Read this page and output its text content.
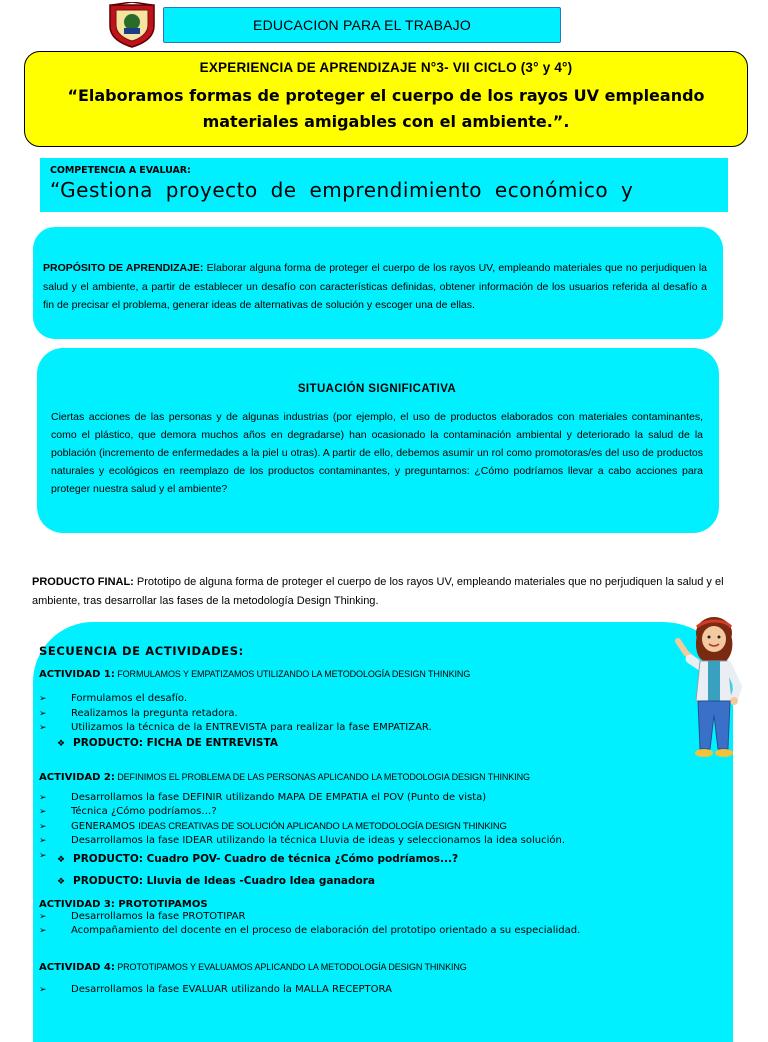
EDUCACION PARA EL TRABAJO
EXPERIENCIA DE APRENDIZAJE N°3- VII CICLO (3° y 4°)
“Elaboramos formas de proteger el cuerpo de los rayos UV empleando materiales amigables con el ambiente.”.
COMPETENCIA A EVALUAR:
“Gestiona proyecto de emprendimiento económico y
PROPÓSITO DE APRENDIZAJE: Elaborar alguna forma de proteger el cuerpo de los rayos UV, empleando materiales que no perjudiquen la salud y el ambiente, a partir de establecer un desafío con características definidas, obtener información de los usuarios referida al desafío a fin de precisar el problema, generar ideas de alternativas de solución y escoger una de ellas.
SITUACIÓN SIGNIFICATIVA
Ciertas acciones de las personas y de algunas industrias (por ejemplo, el uso de productos elaborados con materiales contaminantes, como el plástico, que demora muchos años en degradarse) han ocasionado la contaminación ambiental y deteriorado la salud de la población (incremento de enfermedades a la piel u otras). A partir de ello, debemos asumir un rol como promotoras/es del uso de productos naturales y ecológicos en reemplazo de los productos contaminantes, y preguntarnos: ¿Cómo podríamos llevar a cabo acciones para proteger nuestra salud y el ambiente?
PRODUCTO FINAL: Prototipo de alguna forma de proteger el cuerpo de los rayos UV, empleando materiales que no perjudiquen la salud y el ambiente, tras desarrollar las fases de la metodología Design Thinking.
SECUENCIA DE ACTIVIDADES:
ACTIVIDAD 1: FORMULAMOS Y EMPATIZAMOS UTILIZANDO LA METODOLOGÍA DESIGN THINKING
➢ Formulamos el desafío.
➢ Realizamos la pregunta retadora.
➢ Utilizamos la técnica de la ENTREVISTA para realizar la fase EMPATIZAR.
❖ PRODUCTO: FICHA DE ENTREVISTA
ACTIVIDAD 2: DEFINIMOS EL PROBLEMA DE LAS PERSONAS APLICANDO LA METODOLOGIA DESIGN THINKING
➢ Desarrollamos la fase DEFINIR utilizando MAPA DE EMPATIA el POV (Punto de vista)
➢ Técnica ¿Cómo podríamos…?
➢ GENERAMOS IDEAS CREATIVAS DE SOLUCIÓN APLICANDO LA METODOLOGÍA DESIGN THINKING
➢ Desarrollamos la fase IDEAR utilizando la técnica Lluvia de ideas y seleccionamos la idea solución.
➢	❖ PRODUCTO: Cuadro POV- Cuadro de técnica ¿Cómo podríamos...?
❖ PRODUCTO: Lluvia de Ideas -Cuadro Idea ganadora
ACTIVIDAD 3: PROTOTIPAMOS
➢ Desarrollamos la fase PROTOTIPAR
➢ Acompañamiento del docente en el proceso de elaboración del prototipo orientado a su especialidad.
ACTIVIDAD 4: PROTOTIPAMOS Y EVALUAMOS APLICANDO LA METODOLOGÍA DESIGN THINKING
➢ Desarrollamos la fase EVALUAR utilizando la MALLA RECEPTORA
